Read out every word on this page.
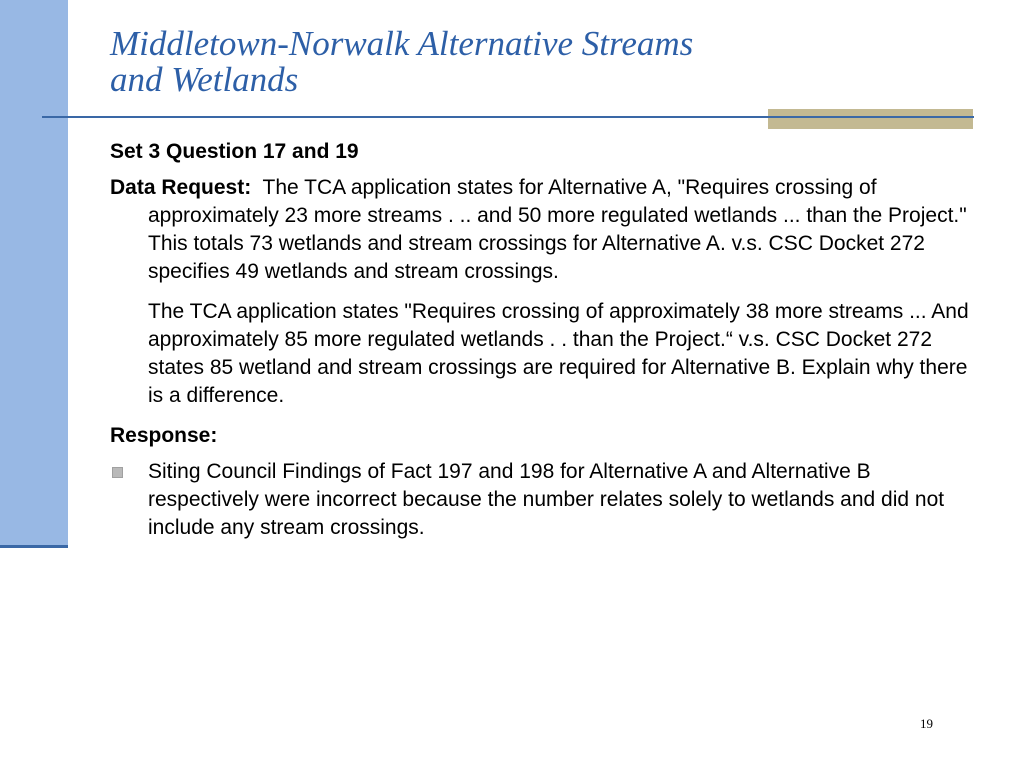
Middletown-Norwalk Alternative Streams
and Wetlands

Set 3 Question 17 and 19

Data Request: The TCA application states for Alternative A, "Requires crossing of approximately 23 more streams . .. and 50 more regulated wetlands ... than the Project." This totals 73 wetlands and stream crossings for Alternative A. v.s. CSC Docket 272 specifies 49 wetlands and stream crossings.

The TCA application states "Requires crossing of approximately 38 more streams ... And approximately 85 more regulated wetlands . . than the Project.“ v.s. CSC Docket 272 states 85 wetland and stream crossings are required for Alternative B. Explain why there is a difference.

Response:

Siting Council Findings of Fact 197 and 198 for Alternative A and Alternative B respectively were incorrect because the number relates solely to wetlands and did not include any stream crossings.

19
